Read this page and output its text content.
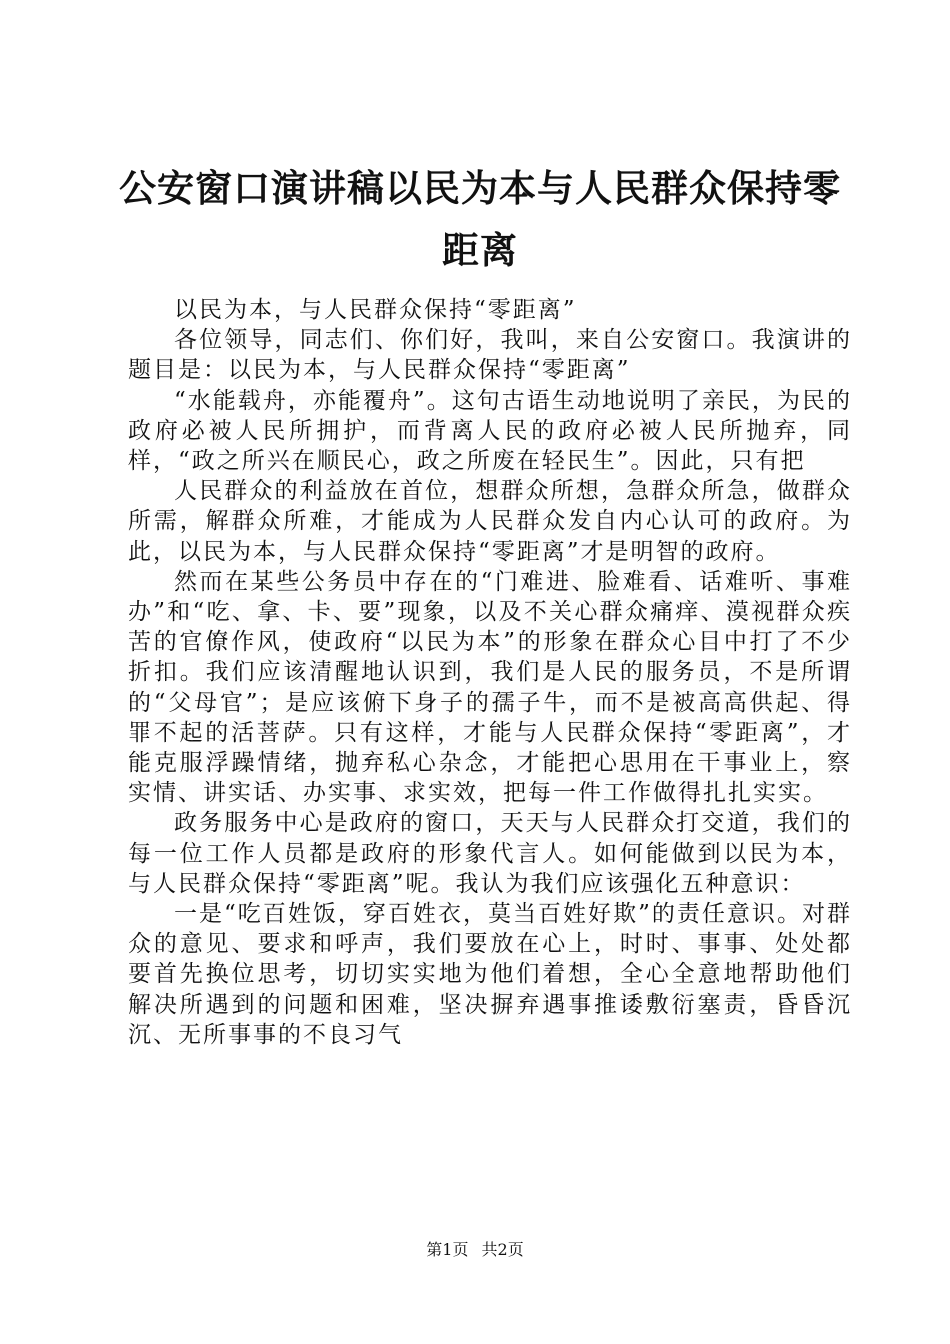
公安窗口演讲稿以民为本与人民群众保持零距离

以民为本，与人民群众保持“零距离”

各位领导，同志们、你们好，我叫，来自公安窗口。我演讲的题目是：以民为本，与人民群众保持“零距离”

“水能载舟，亦能覆舟”。这句古语生动地说明了亲民，为民的政府必被人民所拥护，而背离人民的政府必被人民所抛弃，同样，“政之所兴在顺民心，政之所废在轻民生”。因此，只有把

人民群众的利益放在首位，想群众所想，急群众所急，做群众所需，解群众所难，才能成为人民群众发自内心认可的政府。为此，以民为本，与人民群众保持“零距离”才是明智的政府。

然而在某些公务员中存在的“门难进、脸难看、话难听、事难办”和“吃、拿、卡、要”现象，以及不关心群众痛痒、漠视群众疾苦的官僚作风，使政府“以民为本”的形象在群众心目中打了不少折扣。我们应该清醒地认识到，我们是人民的服务员，不是所谓的“父母官”；是应该俯下身子的孺子牛，而不是被高高供起、得罪不起的活菩萨。只有这样，才能与人民群众保持“零距离”，才能克服浮躁情绪，抛弃私心杂念，才能把心思用在干事业上，察实情、讲实话、办实事、求实效，把每一件工作做得扎扎实实。

政务服务中心是政府的窗口，天天与人民群众打交道，我们的每一位工作人员都是政府的形象代言人。如何能做到以民为本，与人民群众保持“零距离”呢。我认为我们应该强化五种意识：

一是“吃百姓饭，穿百姓衣，莫当百姓好欺”的责任意识。对群众的意见、要求和呼声，我们要放在心上，时时、事事、处处都要首先换位思考，切切实实地为他们着想，全心全意地帮助他们解决所遇到的问题和困难，坚决摒弃遇事推诿敷衍塞责，昏昏沉沉、无所事事的不良习气

第1页 共2页
